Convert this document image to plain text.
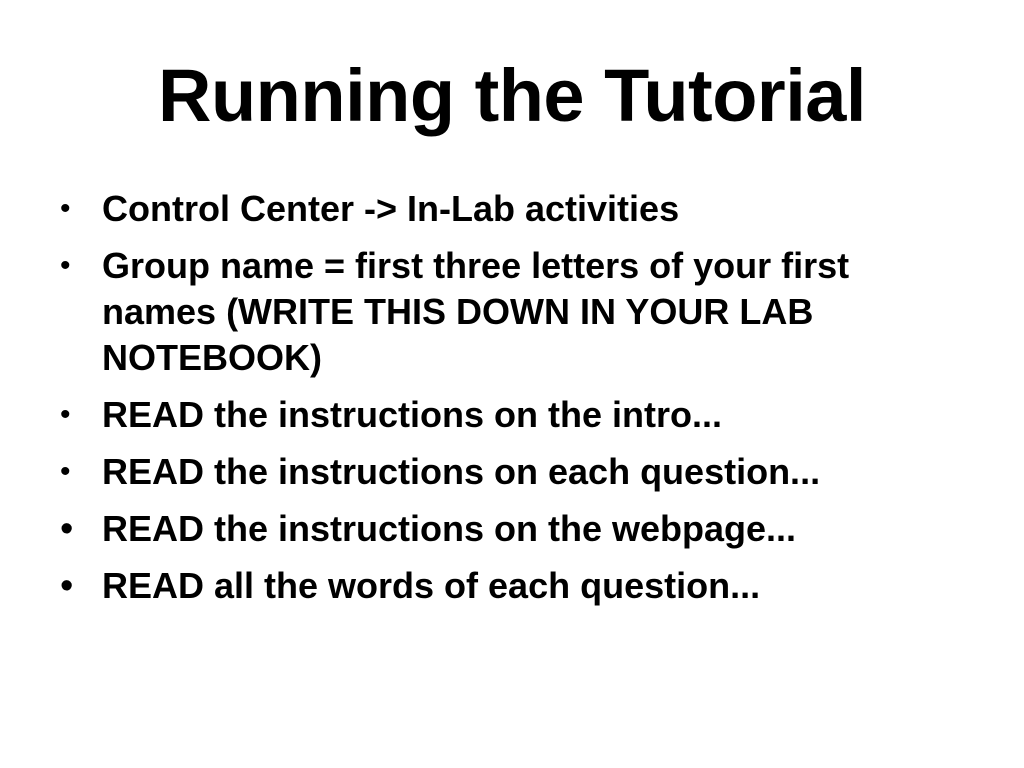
Running the Tutorial
• Control Center -> In-Lab activities
• Group name = first three letters of your first names (WRITE THIS DOWN IN YOUR LAB NOTEBOOK)
• READ the instructions on the intro...
• READ the instructions on each question...
• READ the instructions on the webpage...
• READ all the words of each question...
